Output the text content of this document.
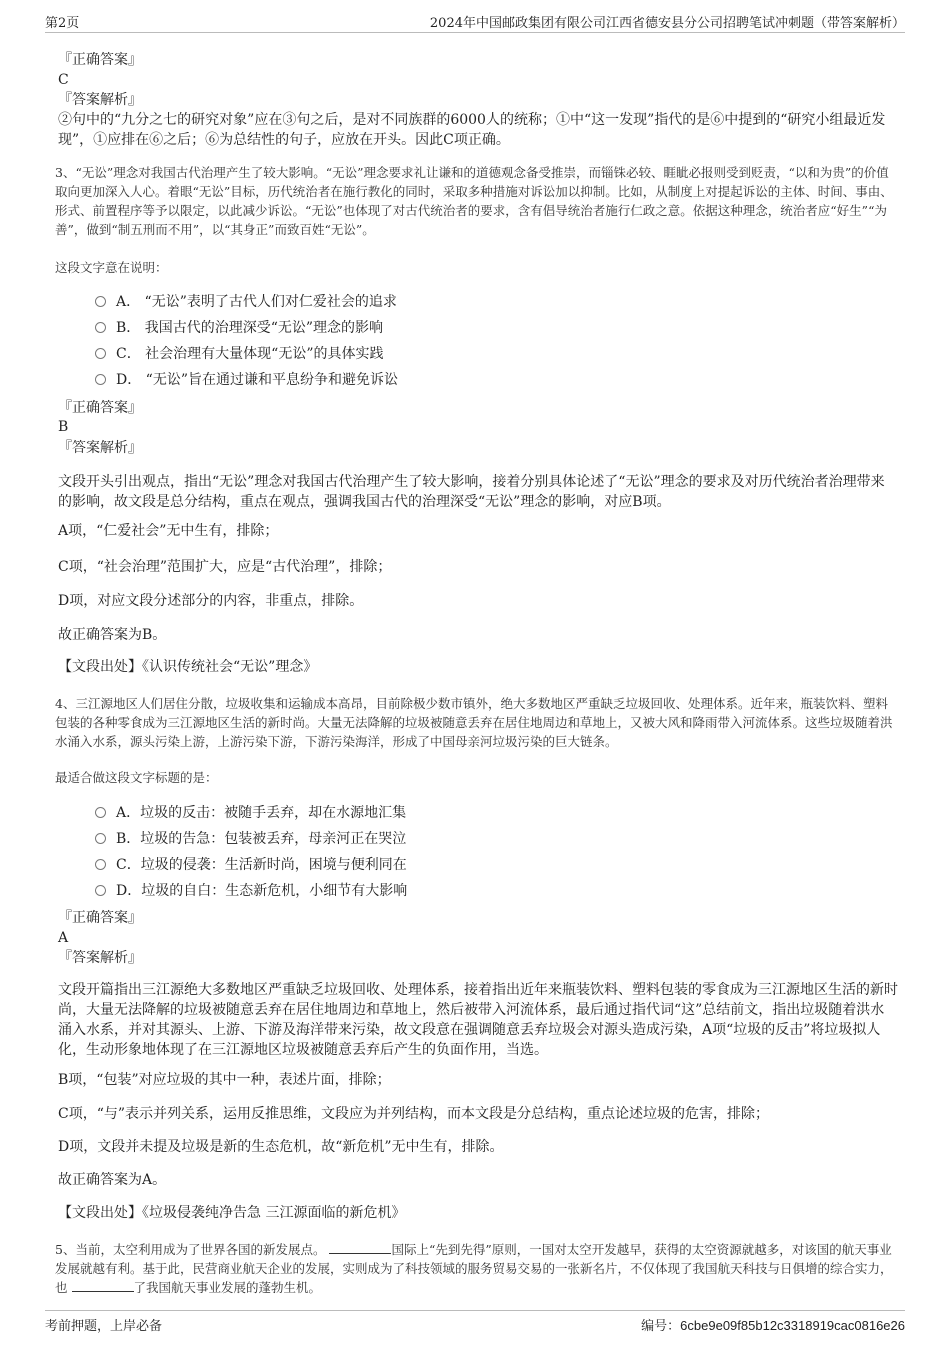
第2页	2024年中国邮政集团有限公司江西省德安县分公司招聘笔试冲刺题（带答案解析）
『正确答案』
C
『答案解析』
②句中的“九分之七的研究对象”应在③句之后，是对不同族群的6000人的统称；①中“这一发现”指代的是⑥中提到的“研究小组最近发现”，①应排在⑥之后；⑥为总结性的句子，应放在开头。因此C项正确。
3、“无讼”理念对我国古代治理产生了较大影响。“无讼”理念要求礼让谦和的道德观念备受推崇，而锱铢必较、睚眦必报则受到贬责，“以和为贵”的价值取向更加深入人心。着眼“无讼”目标，历代统治者在施行教化的同时，采取多种措施对诉讼加以抑制。比如，从制度上对提起诉讼的主体、时间、事由、形式、前置程序等予以限定，以此减少诉讼。“无讼”也体现了对古代统治者的要求，含有倡导统治者施行仁政之意。依据这种理念，统治者应“好生”“为善”，做到“制五刑而不用”，以“其身正”而致百姓“无讼”。
这段文字意在说明：
A． “无讼”表明了古代人们对仁爱社会的追求
B． 我国古代的治理深受“无讼”理念的影响
C． 社会治理有大量体现“无讼”的具体实践
D． “无讼”旨在通过谦和平息纷争和避免诉讼
『正确答案』
B
『答案解析』
文段开头引出观点，指出“无讼”理念对我国古代治理产生了较大影响，接着分别具体论述了“无讼”理念的要求及对历代统治者治理带来的影响，故文段是总分结构，重点在观点，强调我国古代的治理深受“无讼”理念的影响，对应B项。
A项，“仁爱社会”无中生有，排除；
C项，“社会治理”范围扩大，应是“古代治理”，排除；
D项，对应文段分述部分的内容，非重点，排除。
故正确答案为B。
【文段出处】《认识传统社会“无讼”理念》
4、三江源地区人们居住分散，垃圾收集和运输成本高昂，目前除极少数市镇外，绝大多数地区严重缺乏垃圾回收、处理体系。近年来，瓶装饮料、塑料包装的各种零食成为三江源地区生活的新时尚。大量无法降解的垃圾被随意丢弃在居住地周边和草地上，又被大风和降雨带入河流体系。这些垃圾随着洪水涌入水系，源头污染上游，上游污染下游，下游污染海洋，形成了中国母亲河垃圾污染的巨大链条。
最适合做这段文字标题的是：
A．垃圾的反击：被随手丢弃，却在水源地汇集
B．垃圾的告急：包装被丢弃，母亲河正在哭泣
C．垃圾的侵袭：生活新时尚，困境与便利同在
D．垃圾的自白：生态新危机，小细节有大影响
『正确答案』
A
『答案解析』
文段开篇指出三江源绝大多数地区严重缺乏垃圾回收、处理体系，接着指出近年来瓶装饮料、塑料包装的零食成为三江源地区生活的新时尚，大量无法降解的垃圾被随意丢弃在居住地周边和草地上，然后被带入河流体系，最后通过指代词“这”总结前文，指出垃圾随着洪水涌入水系，并对其源头、上游、下游及海洋带来污染，故文段意在强调随意丢弃垃圾会对源头造成污染，A项“垃圾的反击”将垃圾拟人化，生动形象地体现了在三江源地区垃圾被随意丢弃后产生的负面作用，当选。
B项，“包装”对应垃圾的其中一种，表述片面，排除；
C项，“与”表示并列关系，运用反推思维，文段应为并列结构，而本文段是分总结构，重点论述垃圾的危害，排除；
D项，文段并未提及垃圾是新的生态危机，故“新危机”无中生有，排除。
故正确答案为A。
【文段出处】《垃圾侵袭纯净告急 三江源面临的新危机》
5、当前，太空利用成为了世界各国的新发展点。	国际上“先到先得”原则，一国对太空开发越早，获得的太空资源就越多，对该国的航天事业发展就越有利。基于此，民营商业航天企业的发展，实则成为了科技领域的服务贸易交易的一张新名片，不仅体现了我国航天科技与日俱增的综合实力，也	了我国航天事业发展的蓬勃生机。
考前押题，上岸必备	编号：6cbe9e09f85b12c3318919cac0816e26
